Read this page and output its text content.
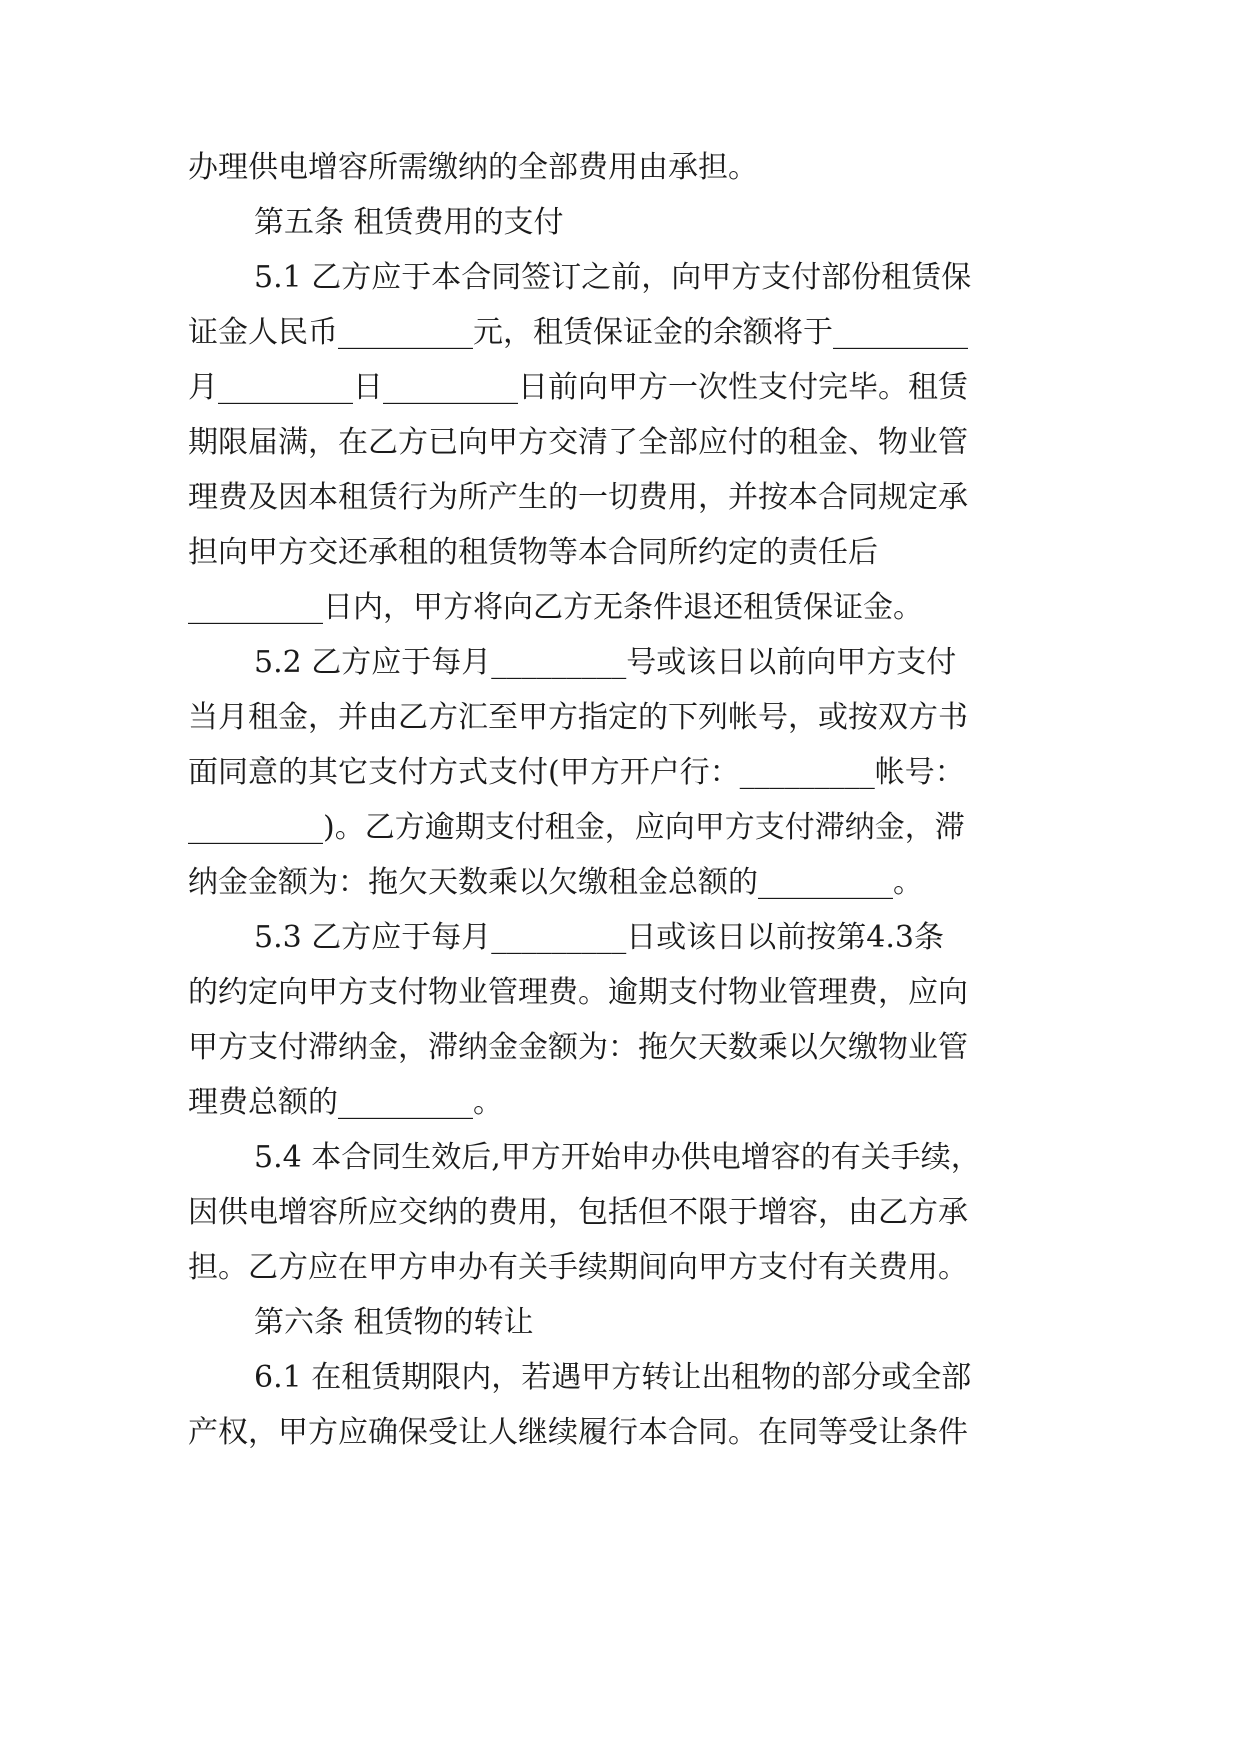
办理供电增容所需缴纳的全部费用由承担。
第五条 租赁费用的支付
5.1 乙方应于本合同签订之前，向甲方支付部份租赁保
证金人民币_________元，租赁保证金的余额将于_________
月_________日_________日前向甲方一次性支付完毕。租赁
期限届满，在乙方已向甲方交清了全部应付的租金、物业管
理费及因本租赁行为所产生的一切费用，并按本合同规定承
担向甲方交还承租的租赁物等本合同所约定的责任后
_________日内，甲方将向乙方无条件退还租赁保证金。
5.2 乙方应于每月_________号或该日以前向甲方支付
当月租金，并由乙方汇至甲方指定的下列帐号，或按双方书
面同意的其它支付方式支付(甲方开户行：_________帐号：
_________)。乙方逾期支付租金，应向甲方支付滞纳金，滞
纳金金额为：拖欠天数乘以欠缴租金总额的_________。
5.3 乙方应于每月_________日或该日以前按第4.3条
的约定向甲方支付物业管理费。逾期支付物业管理费，应向
甲方支付滞纳金，滞纳金金额为：拖欠天数乘以欠缴物业管
理费总额的_________。
5.4 本合同生效后,甲方开始申办供电增容的有关手续，
因供电增容所应交纳的费用，包括但不限于增容，由乙方承
担。乙方应在甲方申办有关手续期间向甲方支付有关费用。
第六条 租赁物的转让
6.1 在租赁期限内，若遇甲方转让出租物的部分或全部
产权，甲方应确保受让人继续履行本合同。在同等受让条件
